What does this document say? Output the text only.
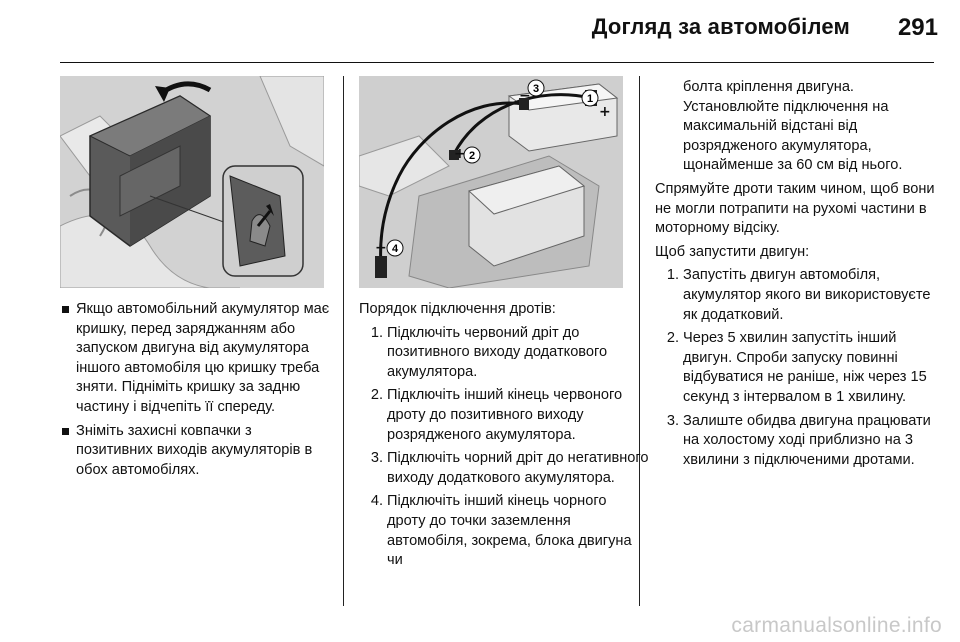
Догляд за автомобілем	291
1
2
3
4
+
+
−
−
Якщо автомобільний акумулятор має кришку, перед заряджанням або запуском двигуна від акумулятора іншого автомобіля цю кришку треба зняти. Підніміть кришку за задню частину і відчепіть її спереду.
Зніміть захисні ковпачки з позитивних виходів акумуляторів в обох автомобілях.
Порядок підключення дротів:
1. Підключіть червоний дріт до позитивного виходу додаткового акумулятора.
2. Підключіть інший кінець червоного дроту до позитивного виходу розрядженого акумулятора.
3. Підключіть чорний дріт до негативного виходу додаткового акумулятора.
4. Підключіть інший кінець чорного дроту до точки заземлення автомобіля, зокрема, блока двигуна чи
болта кріплення двигуна. Установлюйте підключення на максимальній відстані від розрядженого акумулятора, щонайменше за 60 см від нього.
Спрямуйте дроти таким чином, щоб вони не могли потрапити на рухомі частини в моторному відсіку.
Щоб запустити двигун:
1. Запустіть двигун автомобіля, акумулятор якого ви використовуєте як додатковий.
2. Через 5 хвилин запустіть інший двигун. Спроби запуску повинні відбуватися не раніше, ніж через 15 секунд з інтервалом в 1 хвилину.
3. Залиште обидва двигуна працювати на холостому ході приблизно на 3 хвилини з підключеними дротами.
carmanualsonline.info
